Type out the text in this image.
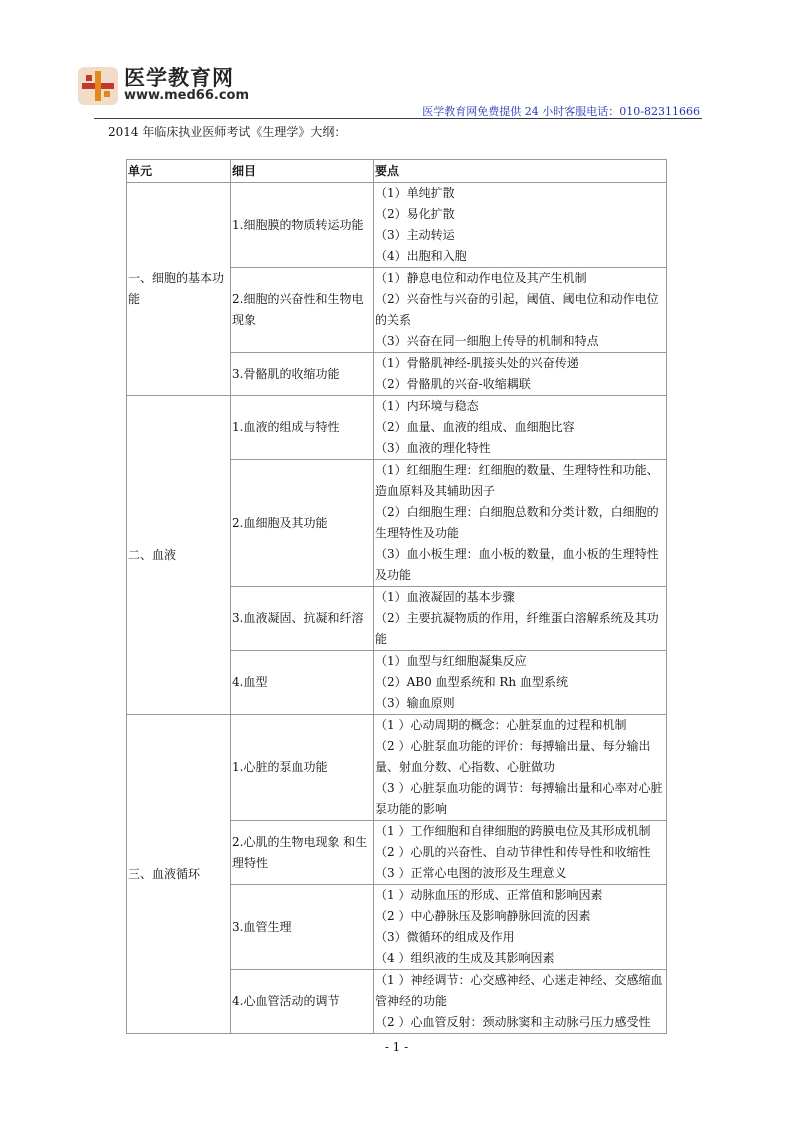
医学教育网
www.med66.com
医学教育网免费提供 24 小时客服电话：010-82311666
2014 年临床执业医师考试《生理学》大纲：
单元	细目	要点
一、细胞的基本功能	1.细胞膜的物质转运功能	（1）单纯扩散
（2）易化扩散
（3）主动转运
（4）出胞和入胞

	2.细胞的兴奋性和生物电现象	（1）静息电位和动作电位及其产生机制
（2）兴奋性与兴奋的引起，阈值、阈电位和动作电位的关系
（3）兴奋在同一细胞上传导的机制和特点

	3.骨骼肌的收缩功能	（1）骨骼肌神经-肌接头处的兴奋传递
（2）骨骼肌的兴奋-收缩耦联

二、血液	1.血液的组成与特性	（1）内环境与稳态
（2）血量、血液的组成、血细胞比容
（3）血液的理化特性

	2.血细胞及其功能	（1）红细胞生理：红细胞的数量、生理特性和功能、造血原料及其辅助因子
（2）白细胞生理：白细胞总数和分类计数，白细胞的生理特性及功能
（3）血小板生理：血小板的数量，血小板的生理特性及功能

	3.血液凝固、抗凝和纤溶	（1）血液凝固的基本步骤
（2）主要抗凝物质的作用，纤维蛋白溶解系统及其功能

	4.血型	（1）血型与红细胞凝集反应
（2）AB0 血型系统和 Rh 血型系统
（3）输血原则

三、血液循环	1.心脏的泵血功能	（1 ）心动周期的概念：心脏泵血的过程和机制
（2 ）心脏泵血功能的评价：每搏输出量、每分输出量、射血分数、心指数、心脏做功
（3 ）心脏泵血功能的调节：每搏输出量和心率对心脏泵功能的影响

	2.心肌的生物电现象 和生理特性	（1 ）工作细胞和自律细胞的跨膜电位及其形成机制
（2 ）心肌的兴奋性、自动节律性和传导性和收缩性
（3 ）正常心电图的波形及生理意义

	3.血管生理	（1 ）动脉血压的形成、正常值和影响因素
（2 ）中心静脉压及影响静脉回流的因素
（3）微循环的组成及作用
（4 ）组织液的生成及其影响因素

	4.心血管活动的调节	（1 ）神经调节：心交感神经、心迷走神经、交感缩血管神经的功能
（2 ）心血管反射：颈动脉窦和主动脉弓压力感受性
- 1 -
